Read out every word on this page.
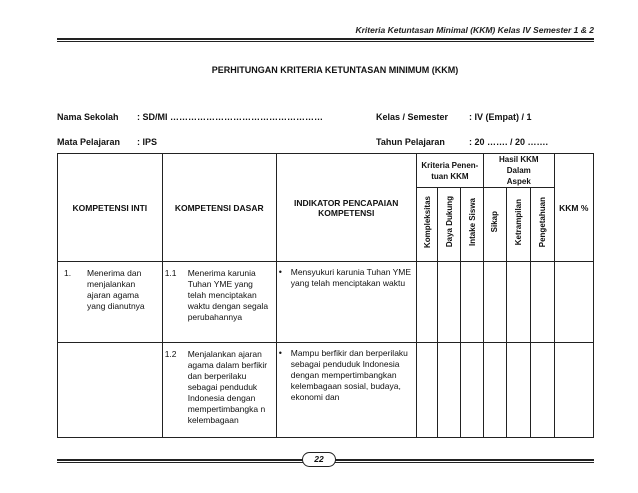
Kriteria Ketuntasan Minimal (KKM) Kelas IV Semester 1 & 2
PERHITUNGAN KRITERIA KETUNTASAN MINIMUM (KKM)
Nama Sekolah : SD/MI ……………………………………………	Kelas / Semester : IV (Empat) / 1
Mata Pelajaran : IPS	Tahun Pelajaran	: 20 ……. / 20 …….
KOMPETENSI INTI	KOMPETENSI DASAR	INDIKATOR PENCAPAIAN KOMPETENSI	Kriteria Penen-tuan KKM			Hasil KKM Dalam Aspek			KKM %
			Kompleksitas	Daya Dukung	Intake Siswa	Sikap	Ketrampilan	Pengetahuan	

1. Menerima dan menjalankan ajaran agama yang dianutnya	1.1 Menerima karunia Tuhan YME yang telah menciptakan waktu dengan segala perubahannya	• Mensyukuri karunia Tuhan YME yang telah menciptakan waktu							

	1.2 Menjalankan ajaran agama dalam berfikir dan berperilaku sebagai penduduk Indonesia dengan mempertimbangka n kelembagaan	• Mampu berfikir dan berperilaku sebagai penduduk Indonesia dengan mempertimbangkan kelembagaan sosial, budaya, ekonomi dan							

22
